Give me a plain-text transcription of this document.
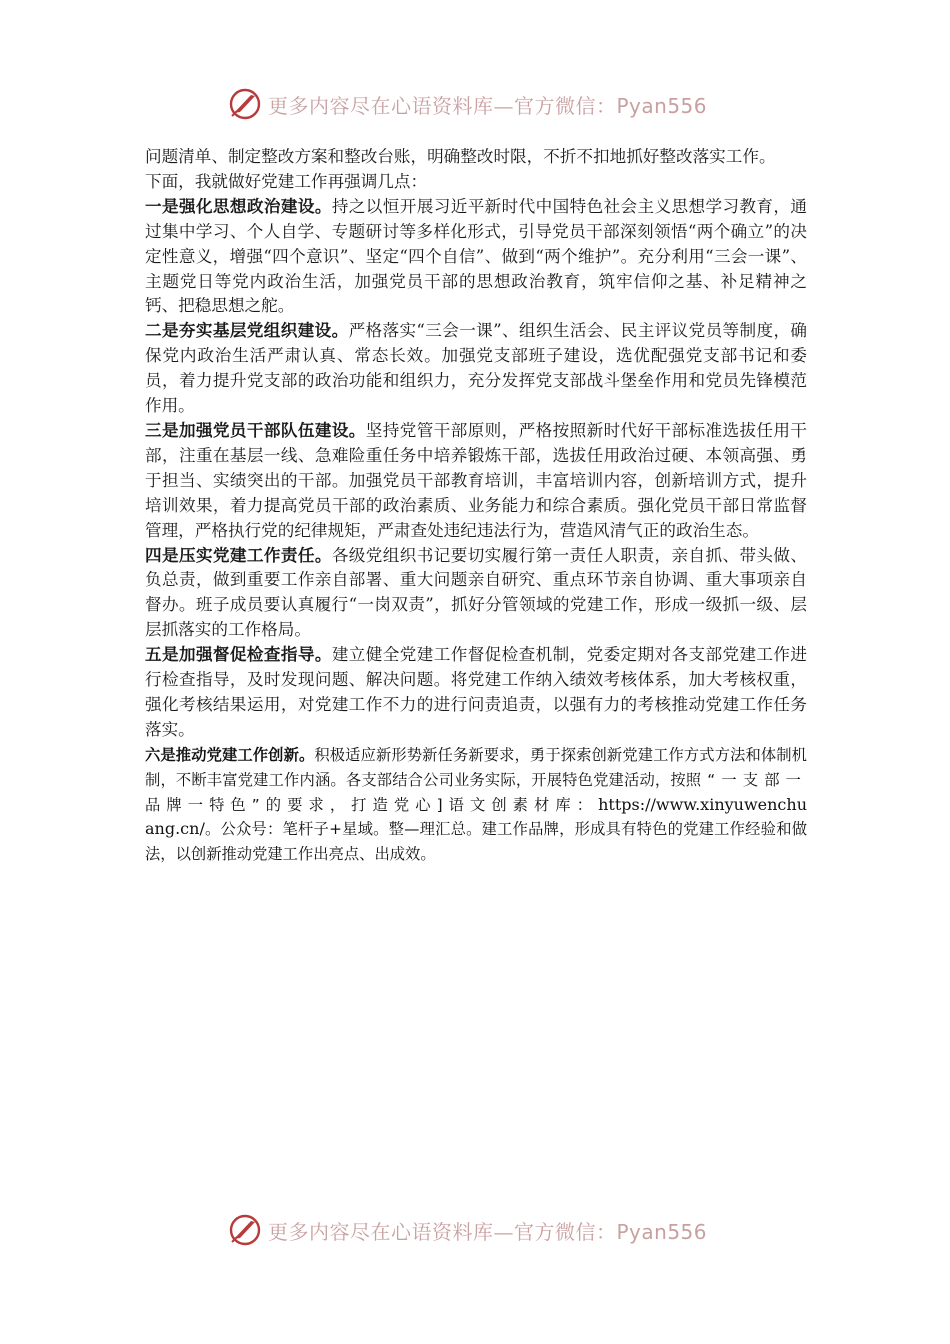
更多内容尽在心语资料库—官方微信：Pyan556

问题清单、制定整改方案和整改台账，明确整改时限，不折不扣地抓好整改落实工作。

下面，我就做好党建工作再强调几点：

一是强化思想政治建设。持之以恒开展习近平新时代中国特色社会主义思想学习教育，通过集中学习、个人自学、专题研讨等多样化形式，引导党员干部深刻领悟“两个确立”的决定性意义，增强“四个意识”、坚定“四个自信”、做到“两个维护”。充分利用“三会一课”、主题党日等党内政治生活，加强党员干部的思想政治教育，筑牢信仰之基、补足精神之钙、把稳思想之舵。

二是夯实基层党组织建设。严格落实“三会一课”、组织生活会、民主评议党员等制度，确保党内政治生活严肃认真、常态长效。加强党支部班子建设，选优配强党支部书记和委员，着力提升党支部的政治功能和组织力，充分发挥党支部战斗堡垒作用和党员先锋模范作用。

三是加强党员干部队伍建设。坚持党管干部原则，严格按照新时代好干部标准选拔任用干部，注重在基层一线、急难险重任务中培养锻炼干部，选拔任用政治过硬、本领高强、勇于担当、实绩突出的干部。加强党员干部教育培训，丰富培训内容，创新培训方式，提升培训效果，着力提高党员干部的政治素质、业务能力和综合素质。强化党员干部日常监督管理，严格执行党的纪律规矩，严肃查处违纪违法行为，营造风清气正的政治生态。

四是压实党建工作责任。各级党组织书记要切实履行第一责任人职责，亲自抓、带头做、负总责，做到重要工作亲自部署、重大问题亲自研究、重点环节亲自协调、重大事项亲自督办。班子成员要认真履行“一岗双责”，抓好分管领域的党建工作，形成一级抓一级、层层抓落实的工作格局。

五是加强督促检查指导。建立健全党建工作督促检查机制，党委定期对各支部党建工作进行检查指导，及时发现问题、解决问题。将党建工作纳入绩效考核体系，加大考核权重，强化考核结果运用，对党建工作不力的进行问责追责，以强有力的考核推动党建工作任务落实。

六是推动党建工作创新。积极适应新形势新任务新要求，勇于探索创新党建工作方式方法和体制机制，不断丰富党建工作内涵。各支部结合公司业务实际，开展特色党建活动，按照“一支部一品牌一特色”的要求，打造党心]语文创素材库：https://www.xinyuwenchuang.cn/。公众号：笔杆子+星域。整—理汇总。建工作品牌，形成具有特色的党建工作经验和做法，以创新推动党建工作出亮点、出成效。

更多内容尽在心语资料库—官方微信：Pyan556
